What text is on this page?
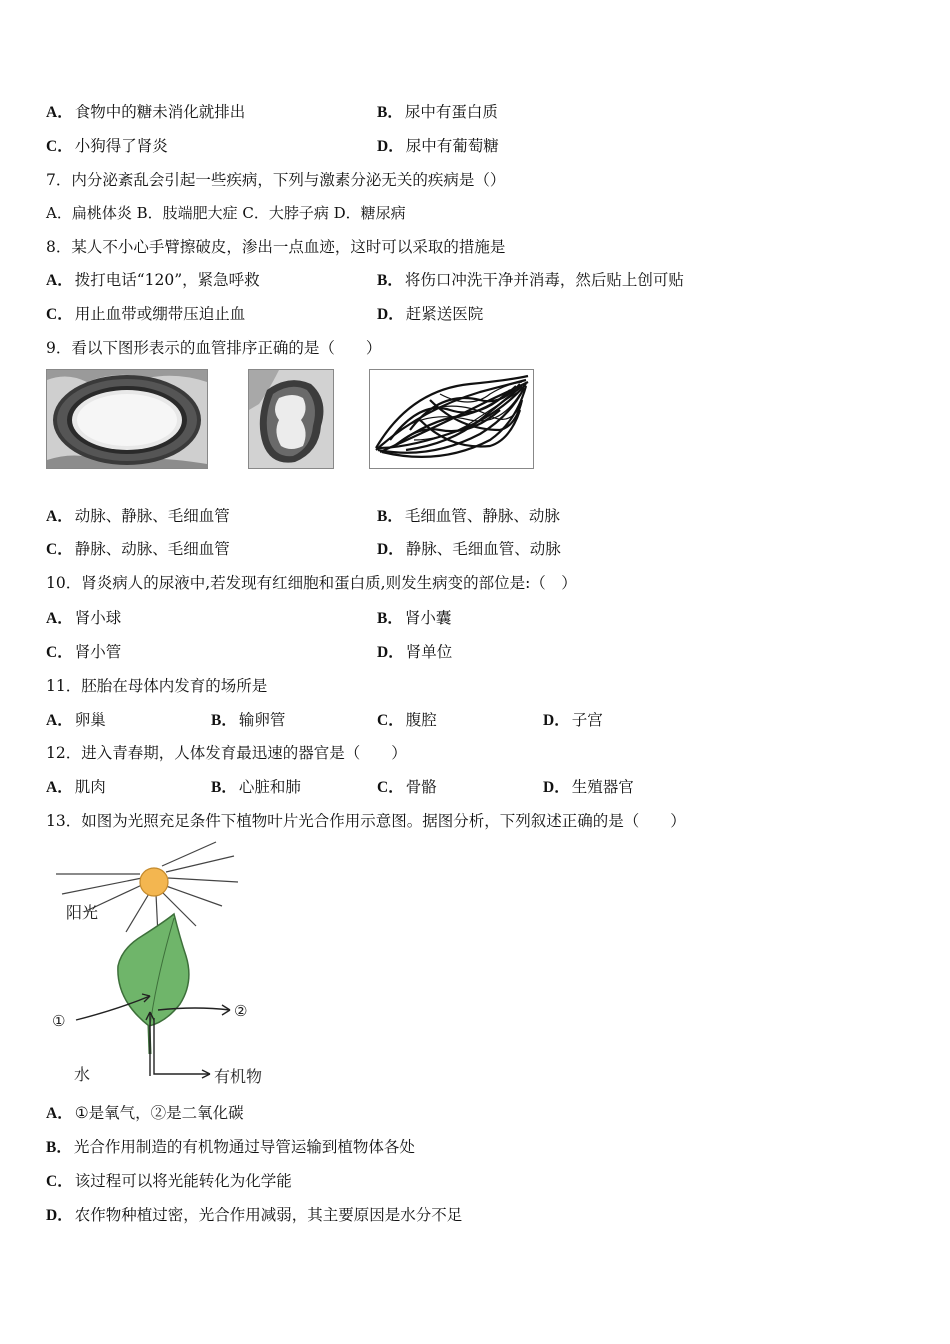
A． 食物中的糖未消化就排出	B． 尿中有蛋白质
C． 小狗得了肾炎	D． 尿中有葡萄糖
7．内分泌紊乱会引起一些疾病，下列与激素分泌无关的疾病是（）
A．扁桃体炎 B．肢端肥大症 C．大脖子病 D．糖尿病
8．某人不小心手臂擦破皮，渗出一点血迹，这时可以采取的措施是
A． 拨打电话“120”，紧急呼救	B． 将伤口冲洗干净并消毒，然后贴上创可贴
C． 用止血带或绷带压迫止血	D． 赶紧送医院
9．看以下图形表示的血管排序正确的是（　　）
A． 动脉、静脉、毛细血管	B． 毛细血管、静脉、动脉
C． 静脉、动脉、毛细血管	D． 静脉、毛细血管、动脉
10．肾炎病人的尿液中,若发现有红细胞和蛋白质,则发生病变的部位是:（　）
A． 肾小球	B． 肾小囊
C． 肾小管	D． 肾单位
11．胚胎在母体内发育的场所是
A． 卵巢	B． 输卵管	C． 腹腔	D． 子宫
12．进入青春期，人体发育最迅速的器官是（　　）
A． 肌肉	B． 心脏和肺	C． 骨骼	D． 生殖器官
13．如图为光照充足条件下植物叶片光合作用示意图。据图分析，下列叙述正确的是（　　）
阳光
①
②
水	有机物
A． ①是氧气，②是二氧化碳
B． 光合作用制造的有机物通过导管运输到植物体各处
C． 该过程可以将光能转化为化学能
D． 农作物种植过密，光合作用减弱，其主要原因是水分不足
